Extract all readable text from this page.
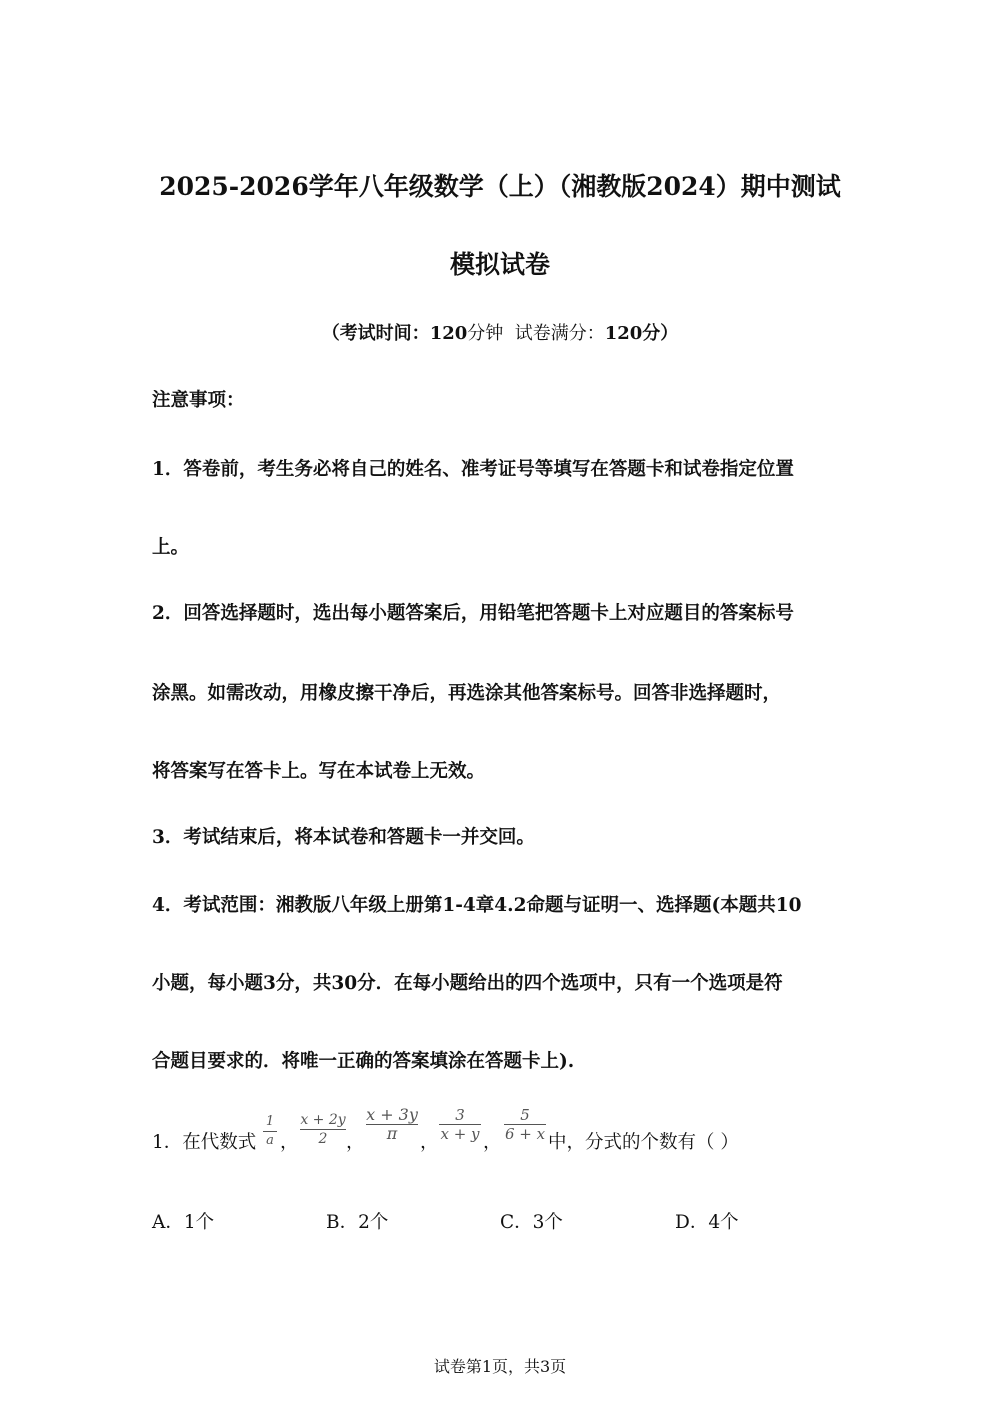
2025-2026学年八年级数学（上）（湘教版2024）期中测试
模拟试卷
（考试时间：120分钟 试卷满分：120分）
注意事项：
1．答卷前，考生务必将自己的姓名、准考证号等填写在答题卡和试卷指定位置
上。
2．回答选择题时，选出每小题答案后，用铅笔把答题卡上对应题目的答案标号
涂黑。如需改动，用橡皮擦干净后，再选涂其他答案标号。回答非选择题时，
将答案写在答卡上。写在本试卷上无效。
3．考试结束后，将本试卷和答题卡一并交回。
4．考试范围：湘教版八年级上册第1-4章4.2命题与证明一、选择题(本题共10
小题，每小题3分，共30分．在每小题给出的四个选项中，只有一个选项是符
合题目要求的．将唯一正确的答案填涂在答题卡上).
1．在代数式
1
a ，
x + 2y
2	，
x + 3y
π	，
3
x + y ，
5
6 + x 中，分式的个数有（ ）
A．1个	B．2个	C．3个	D．4个
试卷第1页，共3页
